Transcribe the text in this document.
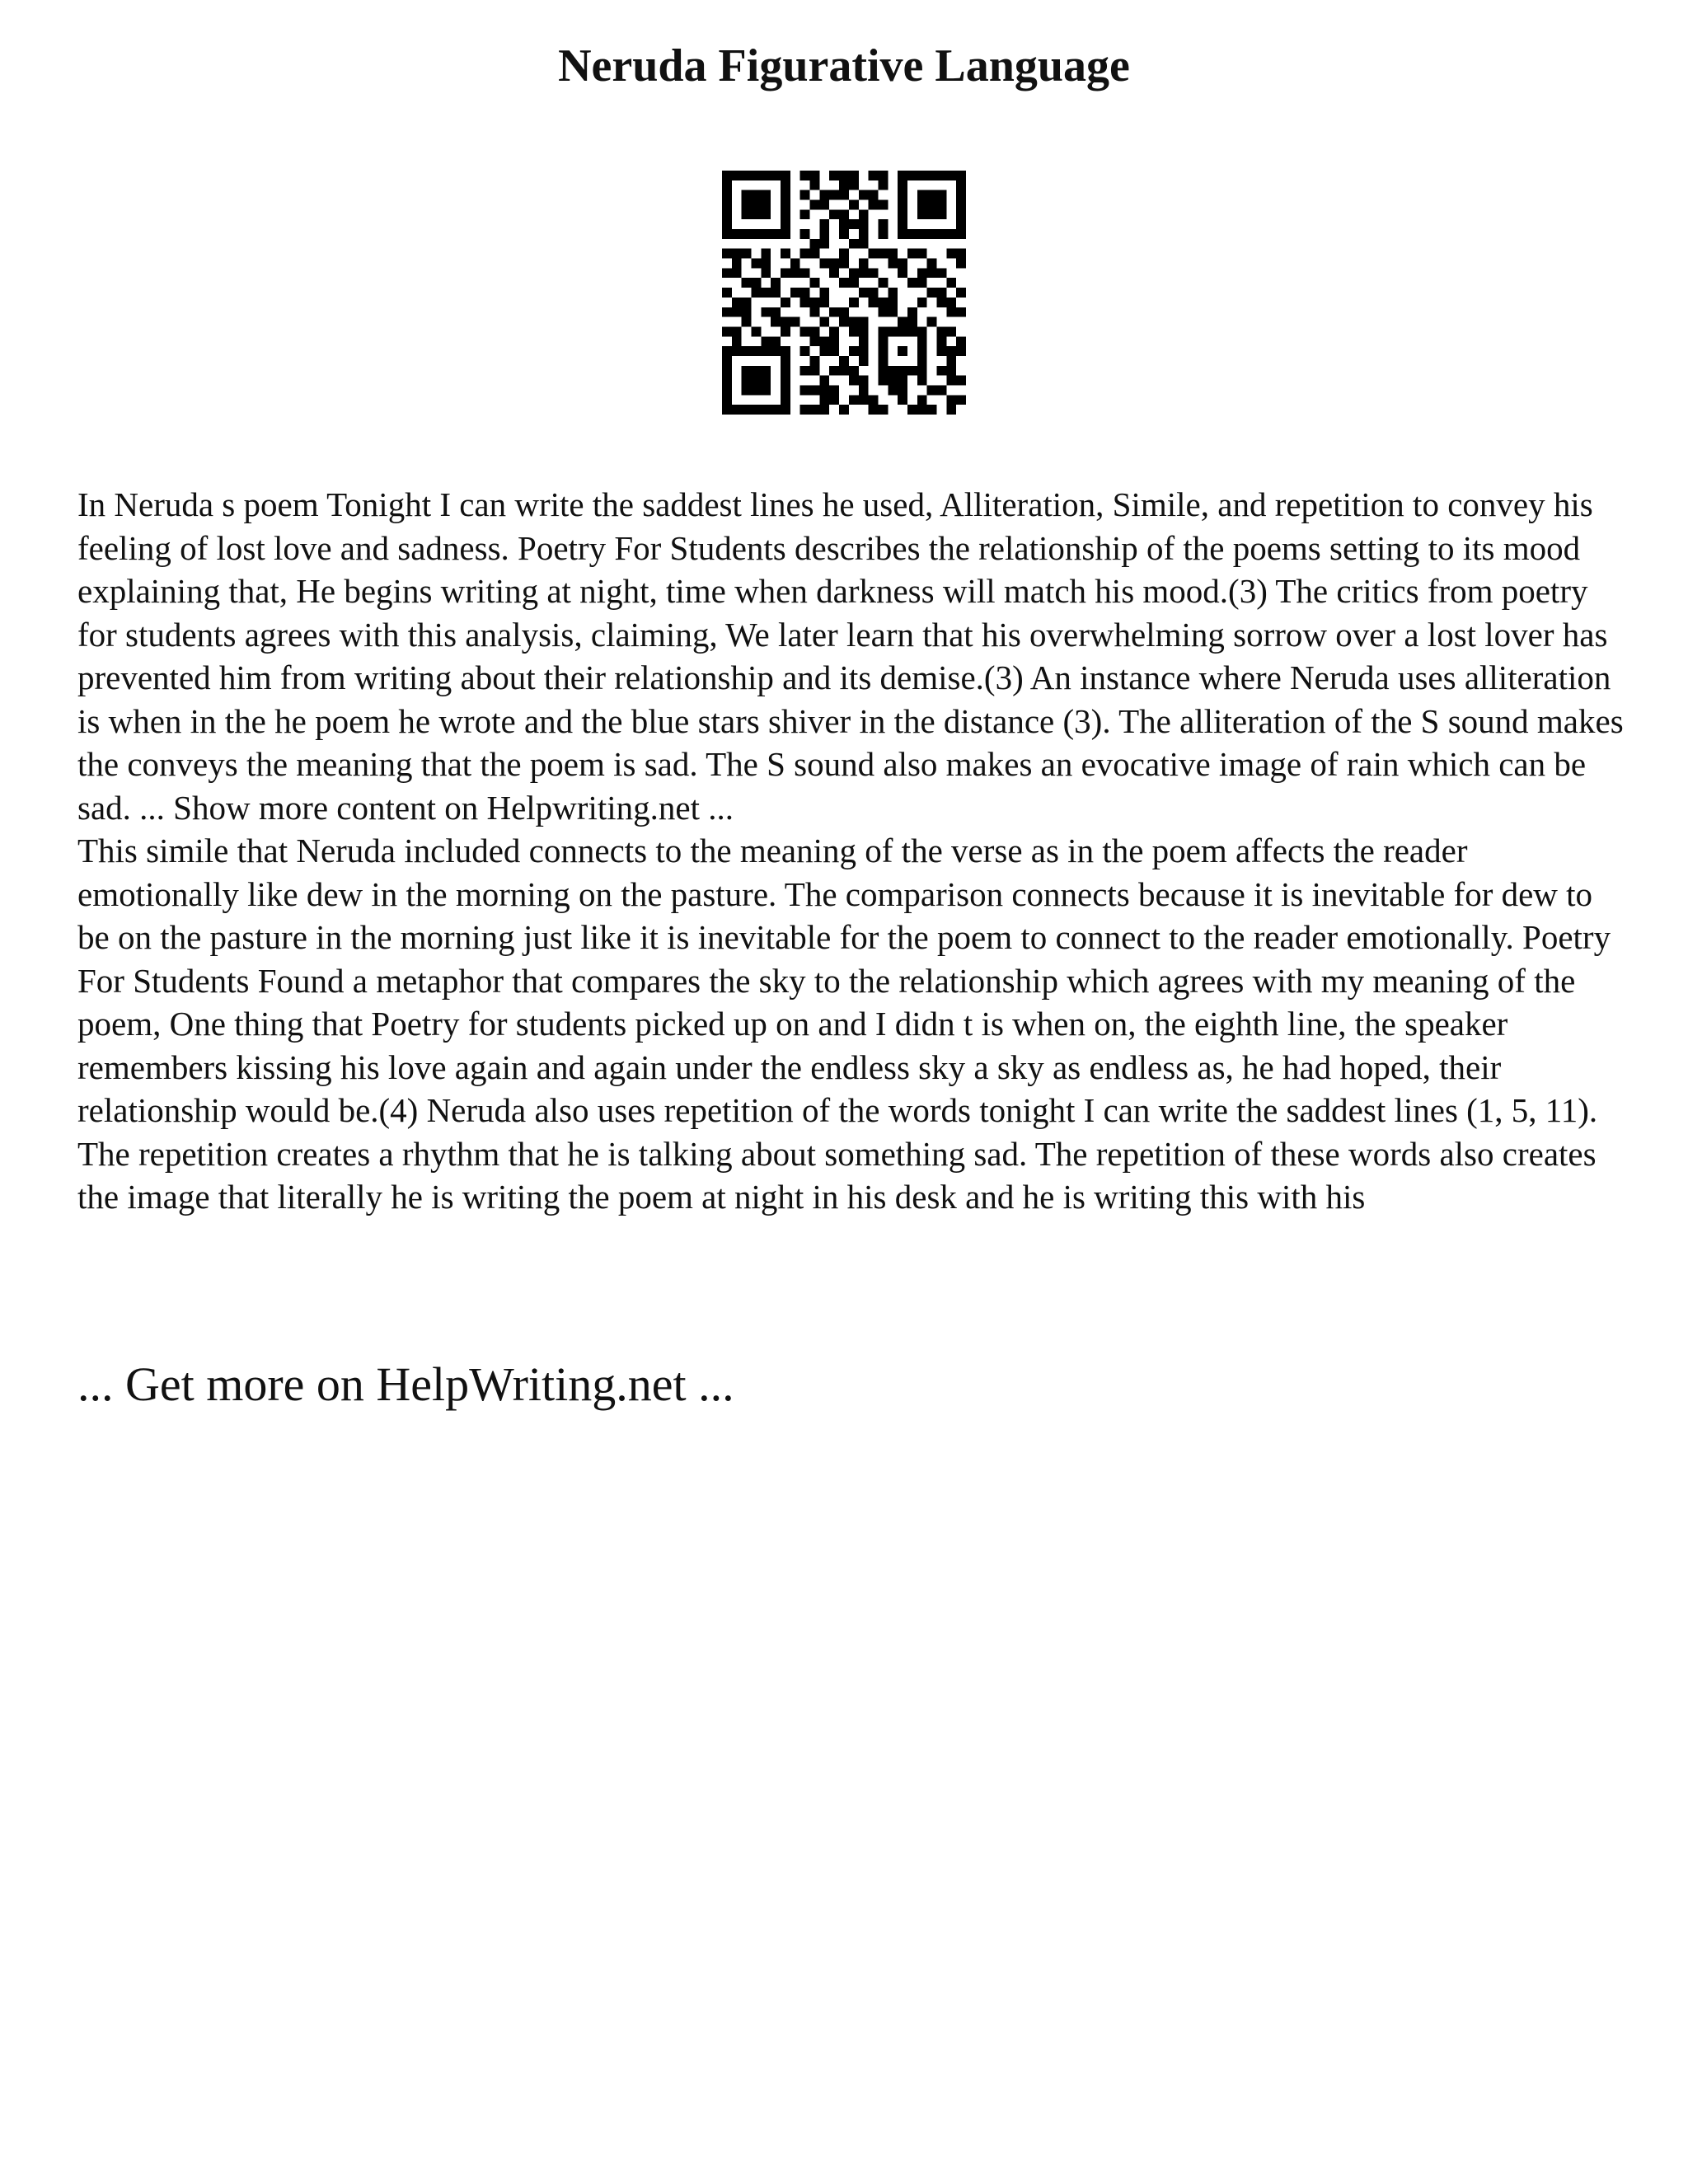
Neruda Figurative Language

In Neruda s poem Tonight I can write the saddest lines he used, Alliteration, Simile, and repetition to convey his feeling of lost love and sadness. Poetry For Students describes the relationship of the poems setting to its mood explaining that, He begins writing at night, time when darkness will match his mood.(3) The critics from poetry for students agrees with this analysis, claiming, We later learn that his overwhelming sorrow over a lost lover has prevented him from writing about their relationship and its demise.(3) An instance where Neruda uses alliteration is when in the he poem he wrote and the blue stars shiver in the distance (3). The alliteration of the S sound makes the conveys the meaning that the poem is sad. The S sound also makes an evocative image of rain which can be sad. ... Show more content on Helpwriting.net ...

This simile that Neruda included connects to the meaning of the verse as in the poem affects the reader emotionally like dew in the morning on the pasture. The comparison connects because it is inevitable for dew to be on the pasture in the morning just like it is inevitable for the poem to connect to the reader emotionally. Poetry For Students Found a metaphor that compares the sky to the relationship which agrees with my meaning of the poem, One thing that Poetry for students picked up on and I didn t is when on, the eighth line, the speaker remembers kissing his love again and again under the endless sky a sky as endless as, he had hoped, their relationship would be.(4) Neruda also uses repetition of the words tonight I can write the saddest lines (1, 5, 11). The repetition creates a rhythm that he is talking about something sad. The repetition of these words also creates the image that literally he is writing the poem at night in his desk and he is writing this with his

... Get more on HelpWriting.net ...
